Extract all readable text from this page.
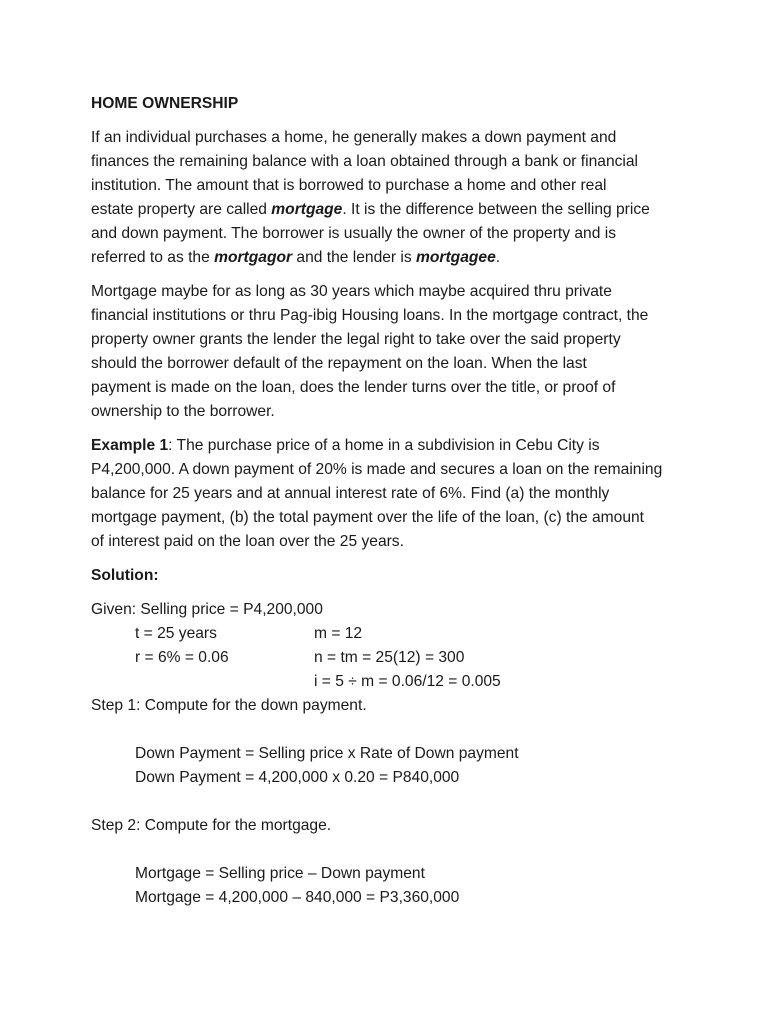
HOME OWNERSHIP
If an individual purchases a home, he generally makes a down payment and
finances the remaining balance with a loan obtained through a bank or financial
institution. The amount that is borrowed to purchase a home and other real
estate property are called mortgage. It is the difference between the selling price
and down payment. The borrower is usually the owner of the property and is
referred to as the mortgagor and the lender is mortgagee.
Mortgage maybe for as long as 30 years which maybe acquired thru private
financial institutions or thru Pag-ibig Housing loans. In the mortgage contract, the
property owner grants the lender the legal right to take over the said property
should the borrower default of the repayment on the loan. When the last
payment is made on the loan, does the lender turns over the title, or proof of
ownership to the borrower.
Example 1: The purchase price of a home in a subdivision in Cebu City is
P4,200,000. A down payment of 20% is made and secures a loan on the remaining
balance for 25 years and at annual interest rate of 6%. Find (a) the monthly
mortgage payment, (b) the total payment over the life of the loan, (c) the amount
of interest paid on the loan over the 25 years.
Solution:
Given: Selling price = P4,200,000
t = 25 years	m = 12
r = 6% = 0.06	n = tm = 25(12) = 300
i = 5 ÷ m = 0.06/12 = 0.005
Step 1: Compute for the down payment.
Down Payment = Selling price x Rate of Down payment
Down Payment = 4,200,000 x 0.20 = P840,000
Step 2: Compute for the mortgage.
Mortgage = Selling price – Down payment
Mortgage = 4,200,000 – 840,000 = P3,360,000
